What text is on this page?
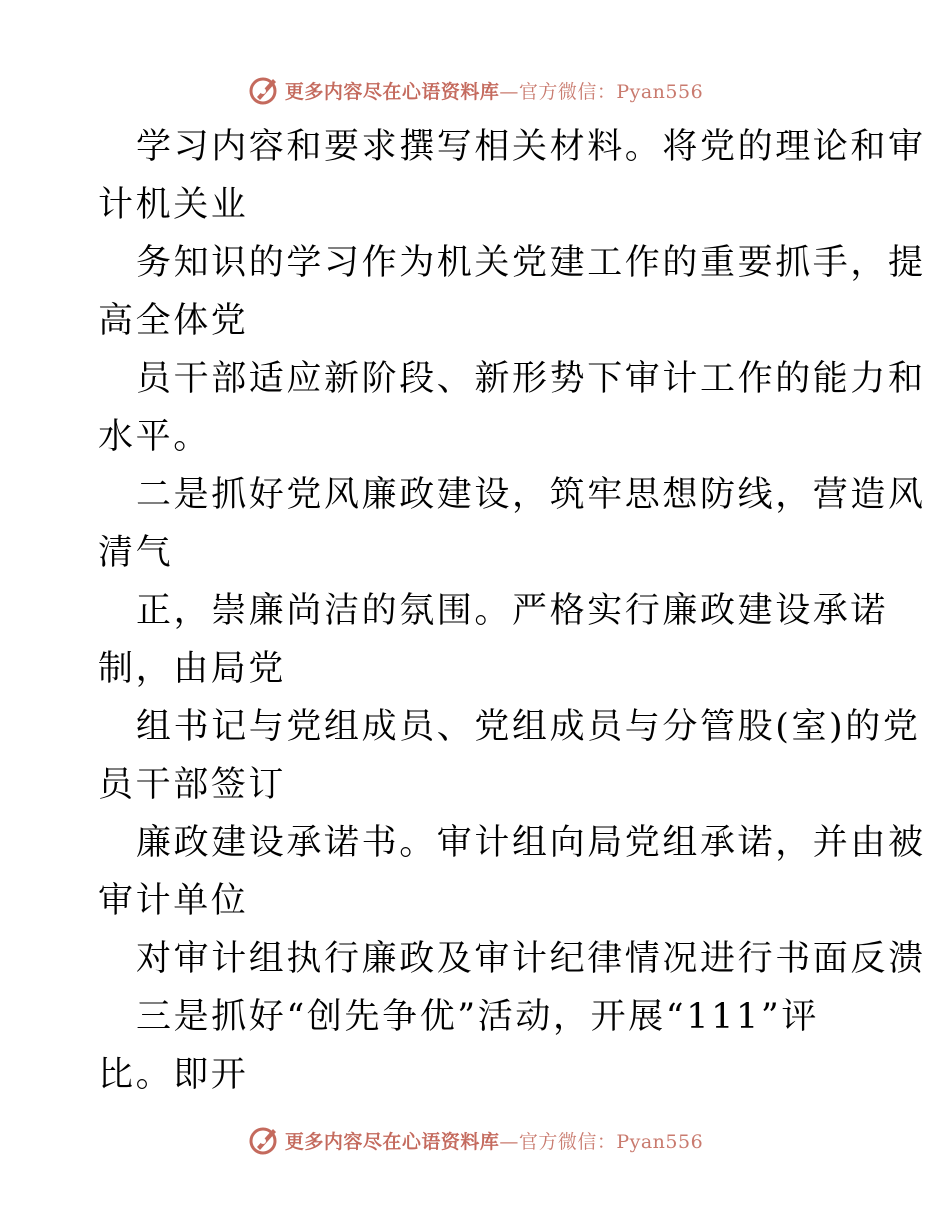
更多内容尽在心语资料库—官方微信：Pyan556
学习内容和要求撰写相关材料。将党的理论和审
计机关业
务知识的学习作为机关党建工作的重要抓手，提
高全体党
员干部适应新阶段、新形势下审计工作的能力和
水平。
二是抓好党风廉政建设，筑牢思想防线，营造风
清气
正，崇廉尚洁的氛围。严格实行廉政建设承诺
制，由局党
组书记与党组成员、党组成员与分管股(室)的党
员干部签订
廉政建设承诺书。审计组向局党组承诺，并由被
审计单位
对审计组执行廉政及审计纪律情况进行书面反溃
三是抓好“创先争优”活动，开展“111”评
比。即开
更多内容尽在心语资料库—官方微信：Pyan556
